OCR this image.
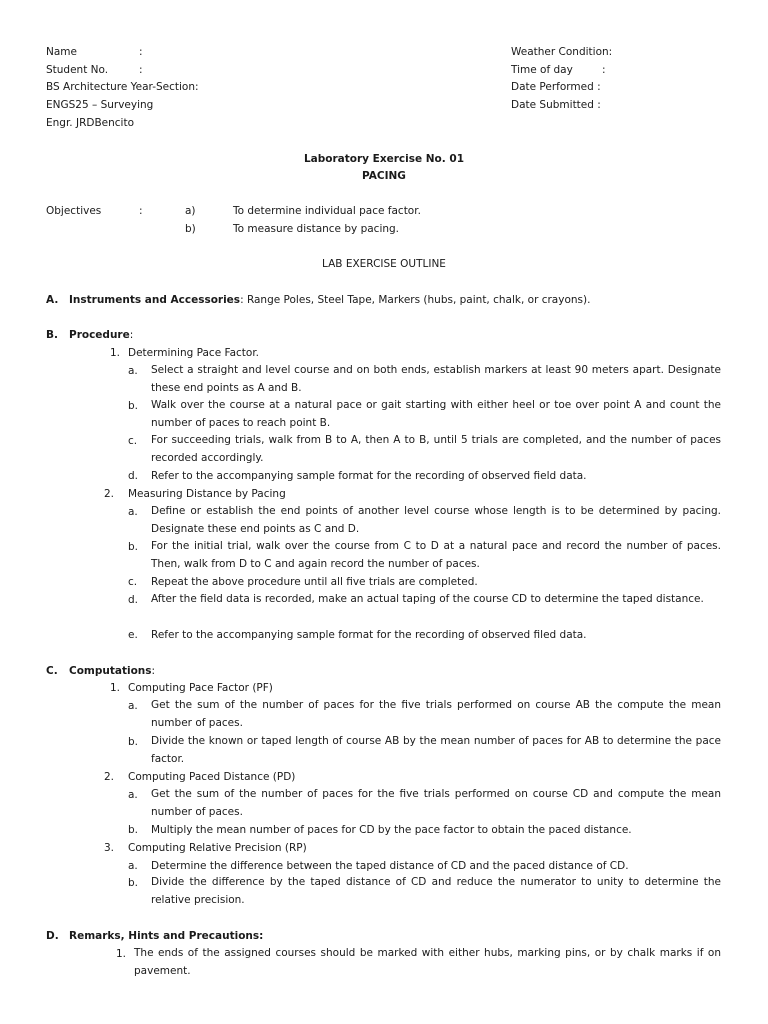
Name	:
Student No.	:
BS Architecture Year-Section:
ENGS25 – Surveying
Engr. JRDBencito
Weather Condition:
Time of day	:
Date Performed :
Date Submitted :
Laboratory Exercise No. 01
PACING
Objectives	:	a)	To determine individual pace factor.
b)	To measure distance by pacing.
LAB EXERCISE OUTLINE
A. Instruments and Accessories: Range Poles, Steel Tape, Markers (hubs, paint, chalk, or crayons).
B. Procedure:
1. Determining Pace Factor.
a. Select a straight and level course and on both ends, establish markers at least 90 meters apart. Designate these end points as A and B.
b. Walk over the course at a natural pace or gait starting with either heel or toe over point A and count the number of paces to reach point B.
c. For succeeding trials, walk from B to A, then A to B, until 5 trials are completed, and the number of paces recorded accordingly.
d. Refer to the accompanying sample format for the recording of observed field data.
2. Measuring Distance by Pacing
a. Define or establish the end points of another level course whose length is to be determined by pacing. Designate these end points as C and D.
b. For the initial trial, walk over the course from C to D at a natural pace and record the number of paces. Then, walk from D to C and again record the number of paces.
c. Repeat the above procedure until all five trials are completed.
d. After the field data is recorded, make an actual taping of the course CD to determine the taped distance.
e. Refer to the accompanying sample format for the recording of observed filed data.
C. Computations:
1. Computing Pace Factor (PF)
a. Get the sum of the number of paces for the five trials performed on course AB the compute the mean number of paces.
b. Divide the known or taped length of course AB by the mean number of paces for AB to determine the pace factor.
2. Computing Paced Distance (PD)
a. Get the sum of the number of paces for the five trials performed on course CD and compute the mean number of paces.
b. Multiply the mean number of paces for CD by the pace factor to obtain the paced distance.
3. Computing Relative Precision (RP)
a. Determine the difference between the taped distance of CD and the paced distance of CD.
b. Divide the difference by the taped distance of CD and reduce the numerator to unity to determine the relative precision.
D. Remarks, Hints and Precautions:
1. The ends of the assigned courses should be marked with either hubs, marking pins, or by chalk marks if on pavement.
